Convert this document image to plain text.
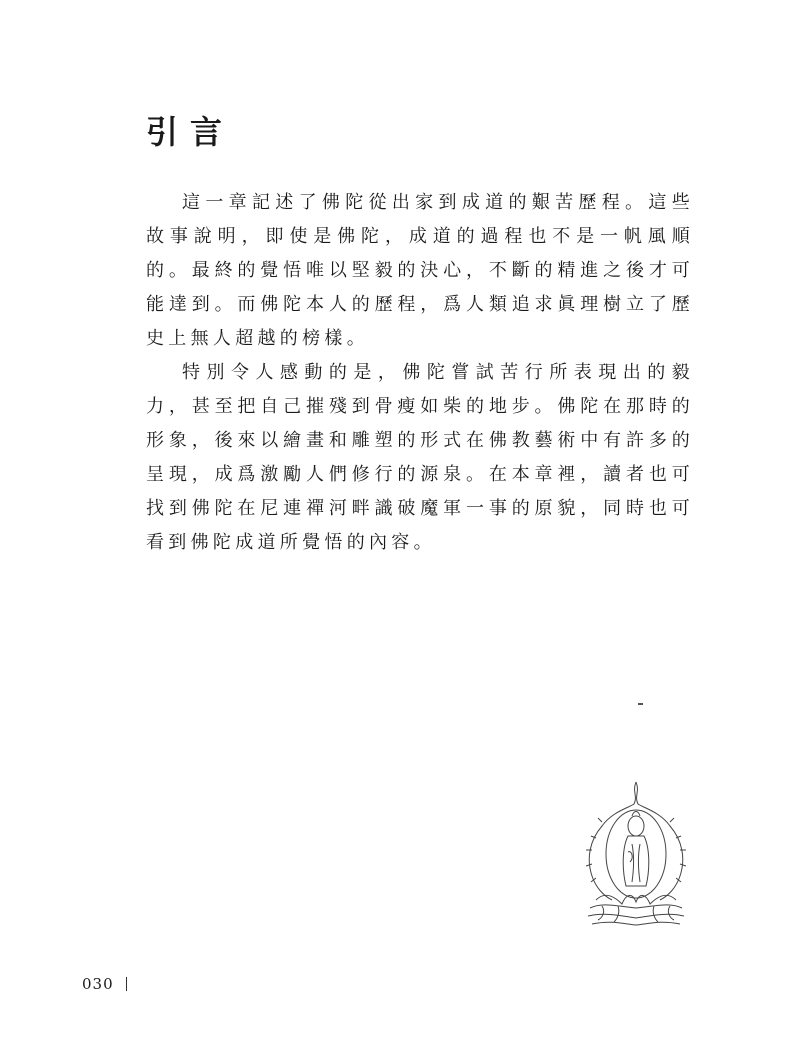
引言

這一章記述了佛陀從出家到成道的艱苦歷程。這些故事說明，即使是佛陀，成道的過程也不是一帆風順的。最終的覺悟唯以堅毅的決心，不斷的精進之後才可能達到。而佛陀本人的歷程，爲人類追求眞理樹立了歷史上無人超越的榜樣。

特別令人感動的是，佛陀嘗試苦行所表現出的毅力，甚至把自己摧殘到骨瘦如柴的地步。佛陀在那時的形象，後來以繪畫和雕塑的形式在佛教藝術中有許多的呈現，成爲激勵人們修行的源泉。在本章裡，讀者也可找到佛陀在尼連禪河畔識破魔軍一事的原貌，同時也可看到佛陀成道所覺悟的內容。

030
